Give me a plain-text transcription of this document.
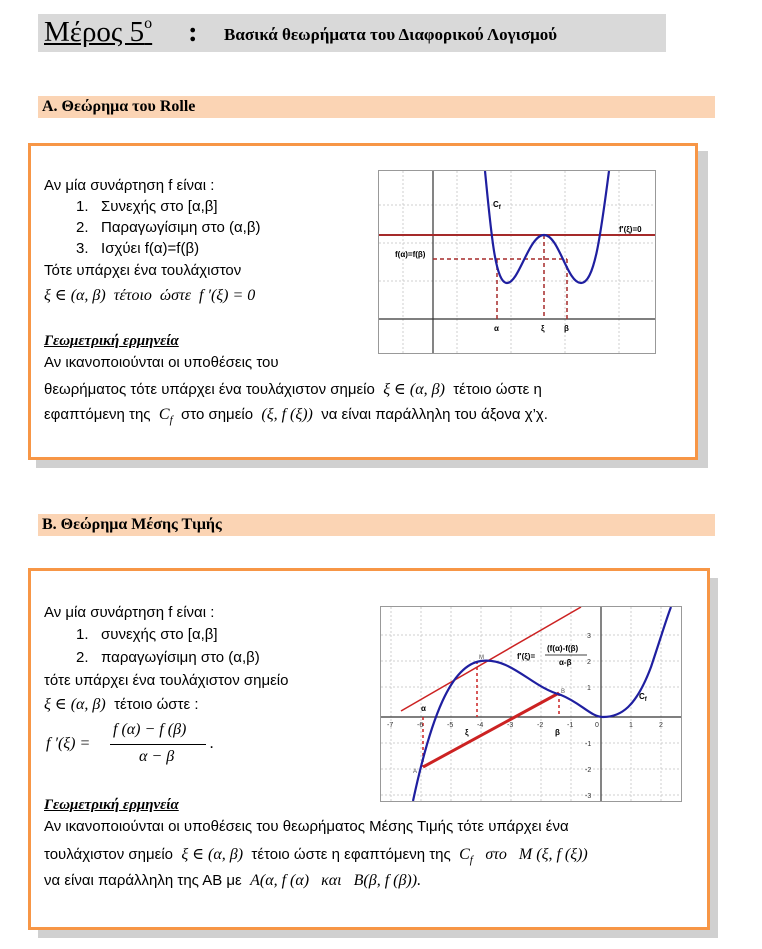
Μέρος $5^o$ : Βασικά θεωρήματα του Διαφορικού Λογισμού
Α. Θεώρημα του Rolle
Αν μία συνάρτηση f είναι :
1. Συνεχής στο [α,β]
2. Παραγωγίσιμη στο (α,β)
3. Ισχύει f(α)=f(β)
Τότε υπάρχει ένα τουλάχιστον
ξ ∈ (α, β)  τέτοιο  ώστε  f ′(ξ) = 0
Γεωμετρική ερμηνεία
Αν ικανοποιούνται οι υποθέσεις του
θεωρήματος τότε υπάρχει ένα τουλάχιστον σημείο ξ ∈ (α, β) τέτοιο ώστε η
εφαπτόμενη της $C_f$ στο σημείο (ξ, f (ξ)) να είναι παράλληλη του άξονα χ’χ.
$C_f$
f'(ξ)=0
f(α)=f(β)
α	ξ β
Β. Θεώρημα Μέσης Τιμής
Αν μία συνάρτηση f είναι :
1. συνεχής στο [α,β]
2. παραγωγίσιμη στο (α,β)
τότε υπάρχει ένα τουλάχιστον σημείο
ξ ∈ (α, β) τέτοιο ώστε :
f ′(ξ) =
f (α) − f (β)
α − β
.
Γεωμετρική ερμηνεία
Αν ικανοποιούνται οι υποθέσεις του θεωρήματος Μέσης Τιμής τότε υπάρχει ένα
τουλάχιστον σημείο ξ ∈ (α, β) τέτοιο ώστε η εφαπτόμενη της $C_f$ στο   M (ξ, f (ξ))
να είναι παράλληλη της ΑΒ με A(α, f (α)   και   B(β, f (β)).
-7	-6	-5	-4	-3	-2	-1	0	1	2
3
2
1
-1
-2
-3
f'(ξ)=
(f(α)-f(β)
α-β
$C_f$
α
ξ	β
A
B
M
